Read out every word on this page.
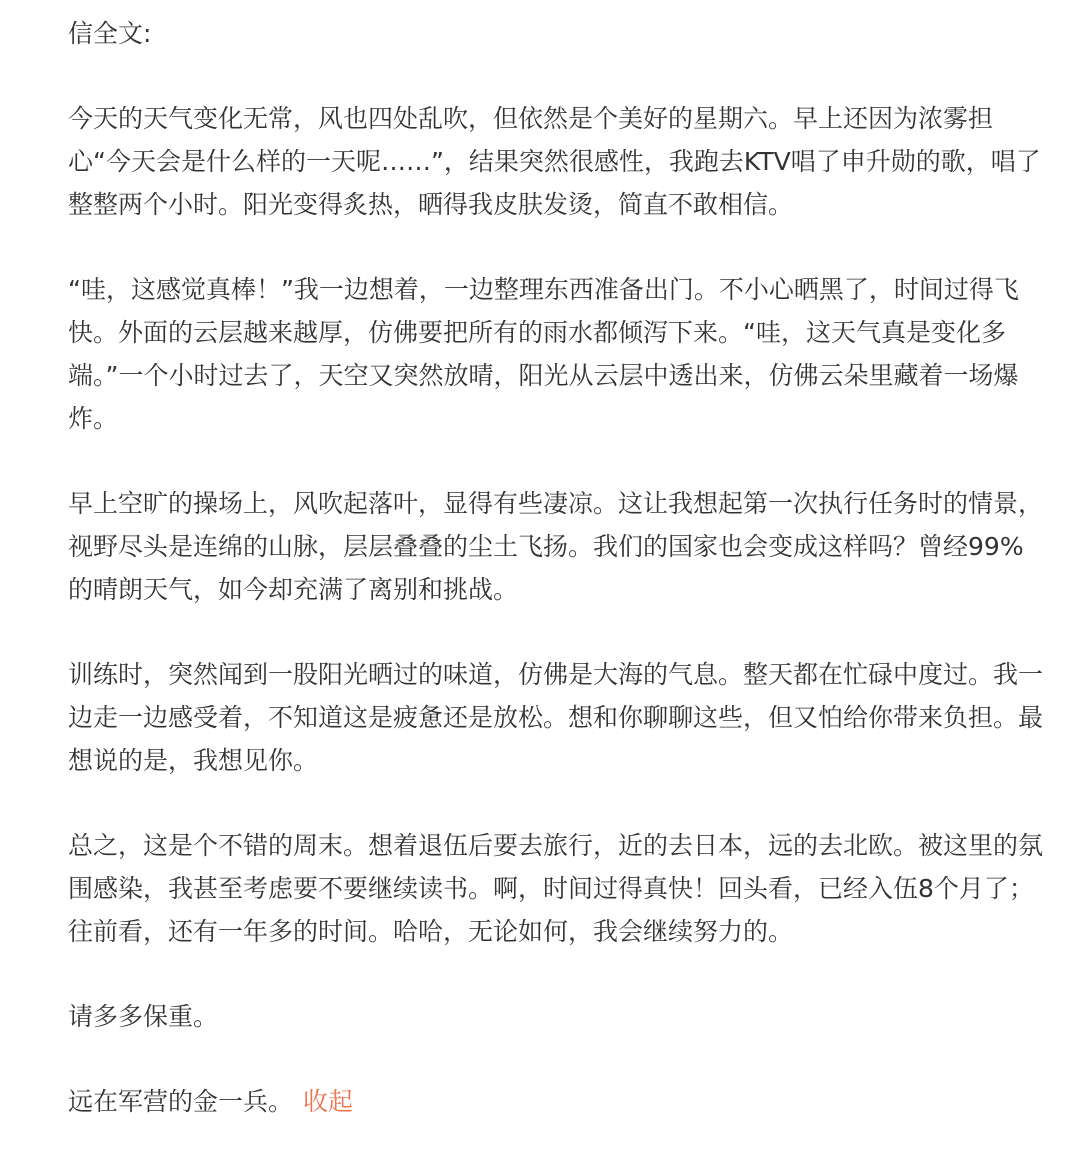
信全文:

今天的天气变化无常，风也四处乱吹，但依然是个美好的星期六。早上还因为浓雾担心“今天会是什么样的一天呢……”，结果突然很感性，我跑去KTV唱了申升勋的歌，唱了整整两个小时。阳光变得炙热，晒得我皮肤发烫，简直不敢相信。

“哇，这感觉真棒！”我一边想着，一边整理东西准备出门。不小心晒黑了，时间过得飞快。外面的云层越来越厚，仿佛要把所有的雨水都倾泻下来。“哇，这天气真是变化多端。”一个小时过去了，天空又突然放晴，阳光从云层中透出来，仿佛云朵里藏着一场爆炸。

早上空旷的操场上，风吹起落叶，显得有些凄凉。这让我想起第一次执行任务时的情景，视野尽头是连绵的山脉，层层叠叠的尘土飞扬。我们的国家也会变成这样吗？曾经99%的晴朗天气，如今却充满了离别和挑战。

训练时，突然闻到一股阳光晒过的味道，仿佛是大海的气息。整天都在忙碌中度过。我一边走一边感受着，不知道这是疲惫还是放松。想和你聊聊这些，但又怕给你带来负担。最想说的是，我想见你。

总之，这是个不错的周末。想着退伍后要去旅行，近的去日本，远的去北欧。被这里的氛围感染，我甚至考虑要不要继续读书。啊，时间过得真快！回头看，已经入伍8个月了；往前看，还有一年多的时间。哈哈，无论如何，我会继续努力的。

请多多保重。

远在军营的金一兵。 收起
